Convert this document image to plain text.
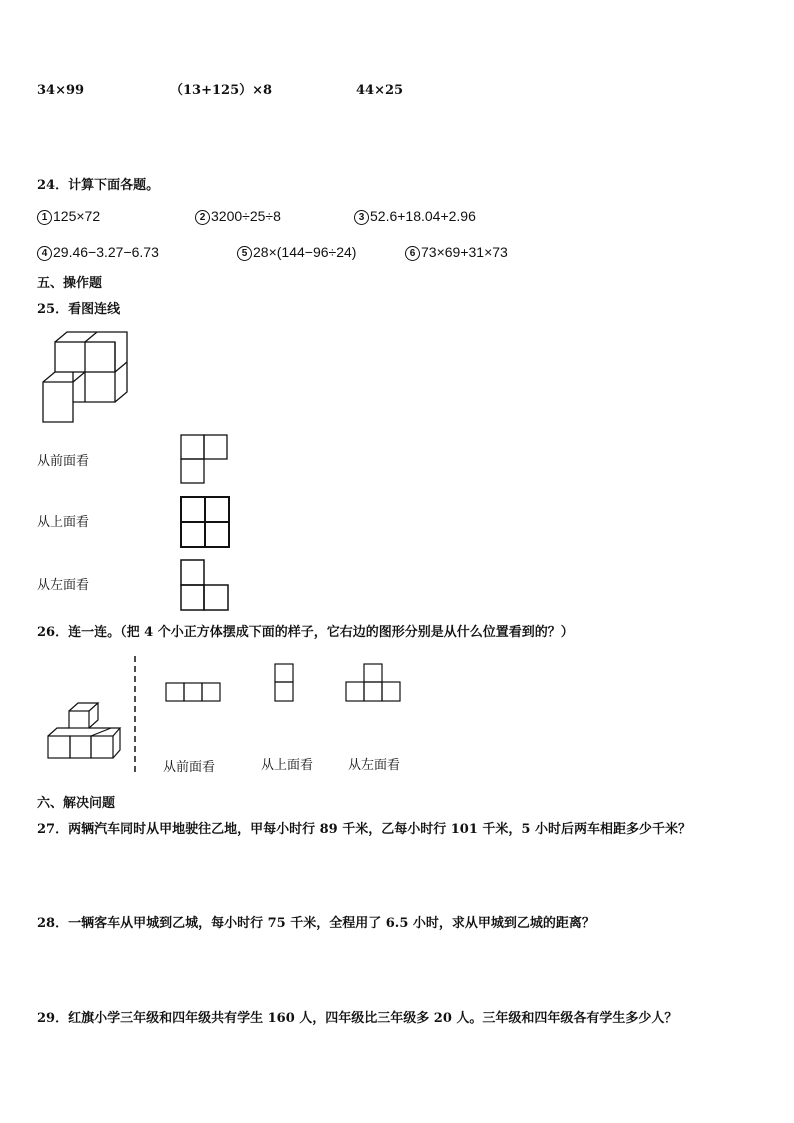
34×99	（13+125）×8	44×25
24．计算下面各题。
1 125×72	2 3200÷25÷8	3 52.6+18.04+2.96
4 29.46−3.27−6.73	5 28×(144−96÷24)	6 73×69+31×73
五、操作题
25．看图连线
从前面看
从上面看
从左面看
26．连一连。（把 4 个小正方体摆成下面的样子，它右边的图形分别是从什么位置看到的？）
从前面看	从上面看	从左面看
六、解决问题
27．两辆汽车同时从甲地驶往乙地，甲每小时行 89 千米，乙每小时行 101 千米，5 小时后两车相距多少千米？
28．一辆客车从甲城到乙城，每小时行 75 千米，全程用了 6.5 小时，求从甲城到乙城的距离？
29．红旗小学三年级和四年级共有学生 160 人，四年级比三年级多 20 人。三年级和四年级各有学生多少人？
